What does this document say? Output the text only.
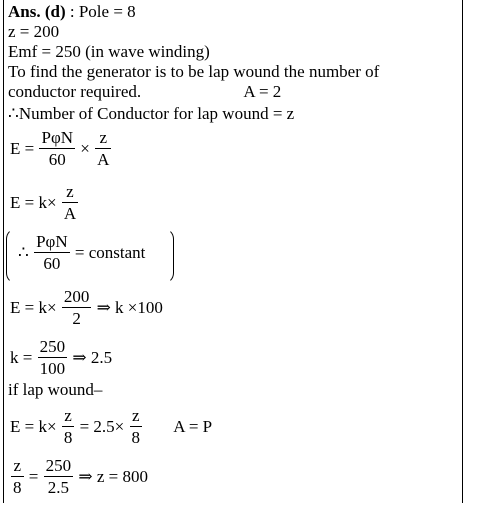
Ans. (d) : Pole = 8
z = 200
Emf = 250 (in wave winding)
To find the generator is to be lap wound the number of
conductor required.	A = 2
∴Number of Conductor for lap wound = z
$E = \frac{\text{PφN}}{60} \times \frac{z}{A}$
$E = k\times \frac{z}{A}$
∴ $\frac{\text{PφN}}{60}$ = constant
$E = k\times \frac{200}{2}$ ⇒ k ×100
$k = \frac{250}{100}$ ⇒ 2.5
if lap wound–
$E = k\times \frac{z}{8} = 2.5\times \frac{z}{8}$ A = P
$\frac{z}{8} = \frac{250}{2.5}$ ⇒ z = 800
